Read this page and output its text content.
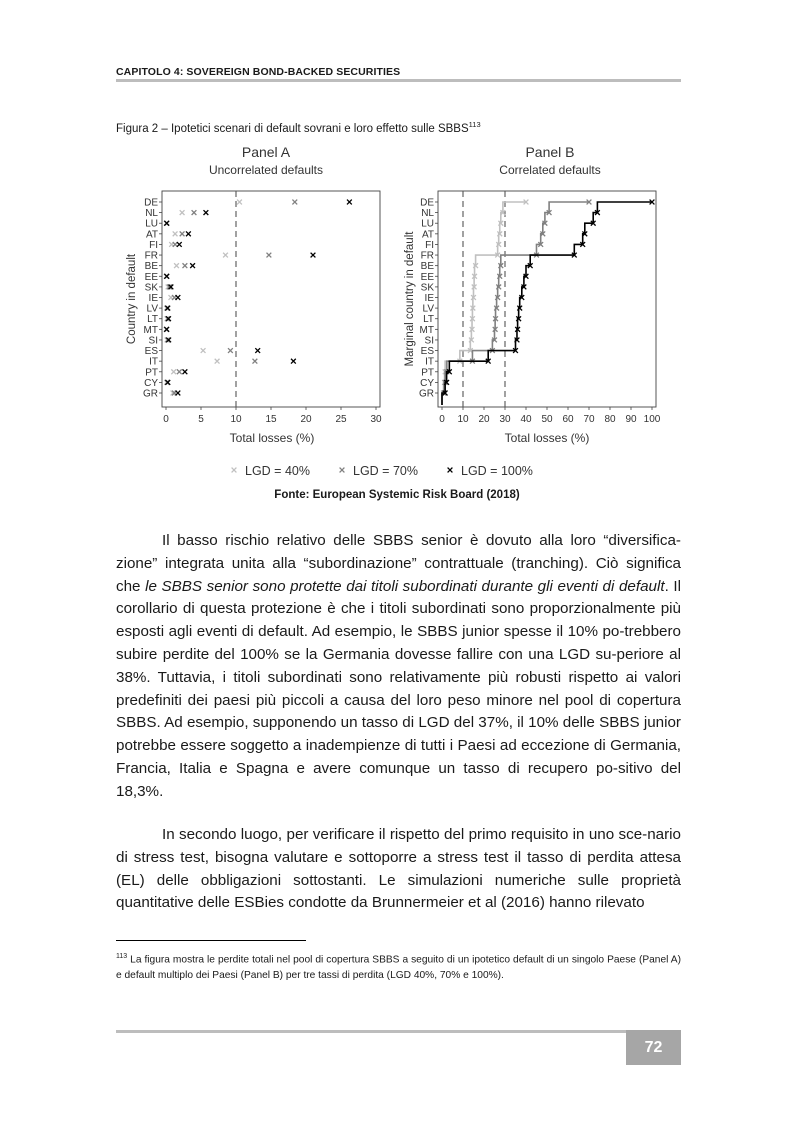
CAPITOLO 4: SOVEREIGN BOND-BACKED SECURITIES
Figura 2 – Ipotetici scenari di default sovrani e loro effetto sulle SBBS$^{113}$
Panel A
Uncorrelated defaults
Country in default
Total losses (%)
DE
NL
LU
AT
FI
FR
BE
EE
SK
IE
LV
LT
MT
SI
ES
IT
PT
CY
GR
0	5	10 15 20 25 30
Panel B
Correlated defaults
Marginal country in default
Total losses (%)
DE
NL
LU
AT
FI
FR
BE
EE
SK
IE
LV
LT
MT
SI
ES
IT
PT
CY
GR
0 10 20 30 40 50 60 70 80 90 100
LGD = 40%	LGD = 70%	LGD = 100%
Fonte: European Systemic Risk Board (2018)
Il basso rischio relativo delle SBBS senior è dovuto alla loro “diversifica-zione” integrata unita alla “subordinazione” contrattuale (tranching). Ciò significa che le SBBS senior sono protette dai titoli subordinati durante gli eventi di default. Il corollario di questa protezione è che i titoli subordinati sono proporzionalmente più esposti agli eventi di default. Ad esempio, le SBBS junior spesse il 10% po-trebbero subire perdite del 100% se la Germania dovesse fallire con una LGD su-periore al 38%. Tuttavia, i titoli subordinati sono relativamente più robusti rispetto ai valori predefiniti dei paesi più piccoli a causa del loro peso minore nel pool di copertura SBBS. Ad esempio, supponendo un tasso di LGD del 37%, il 10% delle SBBS junior potrebbe essere soggetto a inadempienze di tutti i Paesi ad eccezione di Germania, Francia, Italia e Spagna e avere comunque un tasso di recupero po-sitivo del 18,3%.
In secondo luogo, per verificare il rispetto del primo requisito in uno sce-nario di stress test, bisogna valutare e sottoporre a stress test il tasso di perdita attesa (EL) delle obbligazioni sottostanti. Le simulazioni numeriche sulle proprietà quantitative delle ESBies condotte da Brunnermeier et al (2016) hanno rilevato
$^{113}$ La figura mostra le perdite totali nel pool di copertura SBBS a seguito di un ipotetico default di un singolo Paese (Panel A) e default multiplo dei Paesi (Panel B) per tre tassi di perdita (LGD 40%, 70% e 100%).
72
